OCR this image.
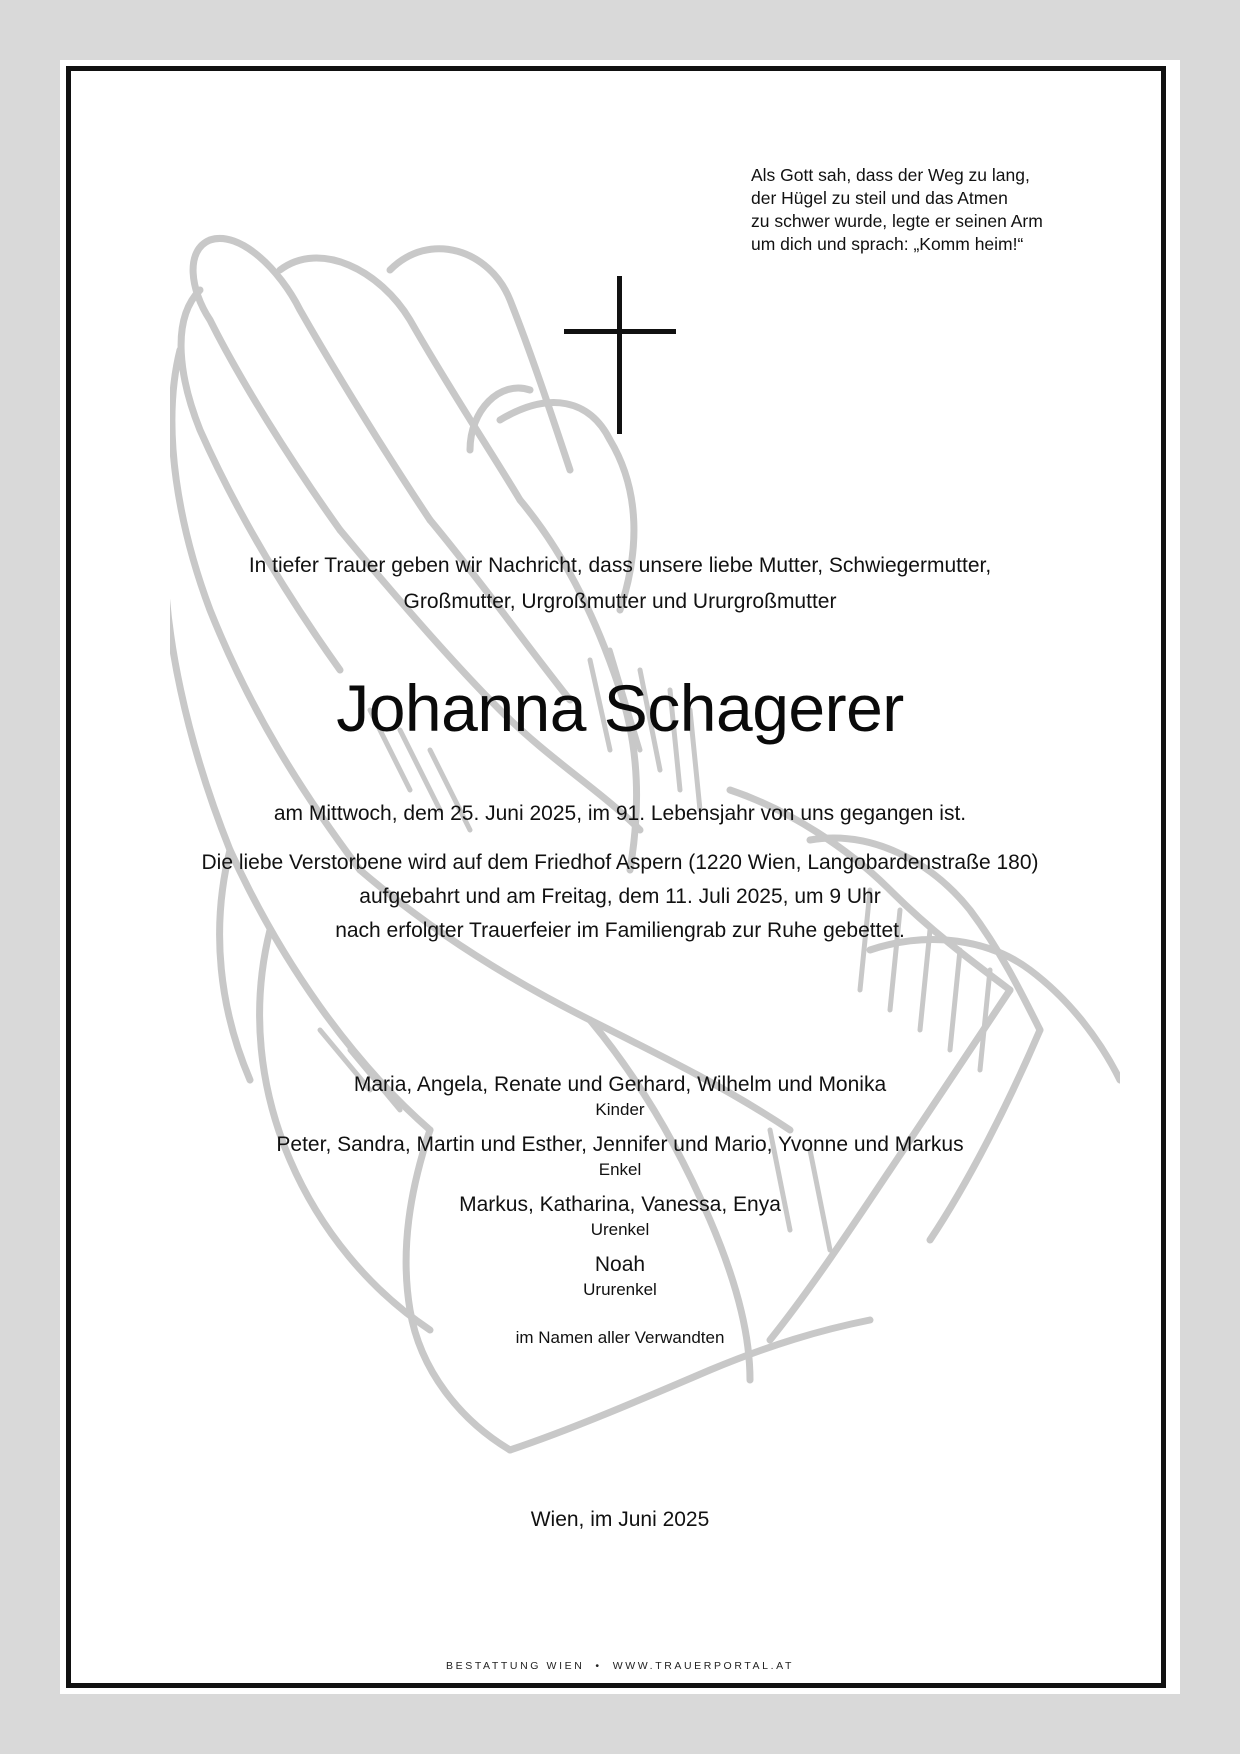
Als Gott sah, dass der Weg zu lang,
der Hügel zu steil und das Atmen
zu schwer wurde, legte er seinen Arm
um dich und sprach: „Komm heim!“
In tiefer Trauer geben wir Nachricht, dass unsere liebe Mutter, Schwiegermutter,
Großmutter, Urgroßmutter und Ururgroßmutter
Johanna Schagerer
am Mittwoch, dem 25. Juni 2025, im 91. Lebensjahr von uns gegangen ist.
Die liebe Verstorbene wird auf dem Friedhof Aspern (1220 Wien, Langobardenstraße 180)
aufgebahrt und am Freitag, dem 11. Juli 2025, um 9 Uhr
nach erfolgter Trauerfeier im Familiengrab zur Ruhe gebettet.
Maria, Angela, Renate und Gerhard, Wilhelm und Monika
Kinder
Peter, Sandra, Martin und Esther, Jennifer und Mario, Yvonne und Markus
Enkel
Markus, Katharina, Vanessa, Enya
Urenkel
Noah
Ururenkel
im Namen aller Verwandten
Wien, im Juni 2025
BESTATTUNG WIEN  •  WWW.TRAUERPORTAL.AT
